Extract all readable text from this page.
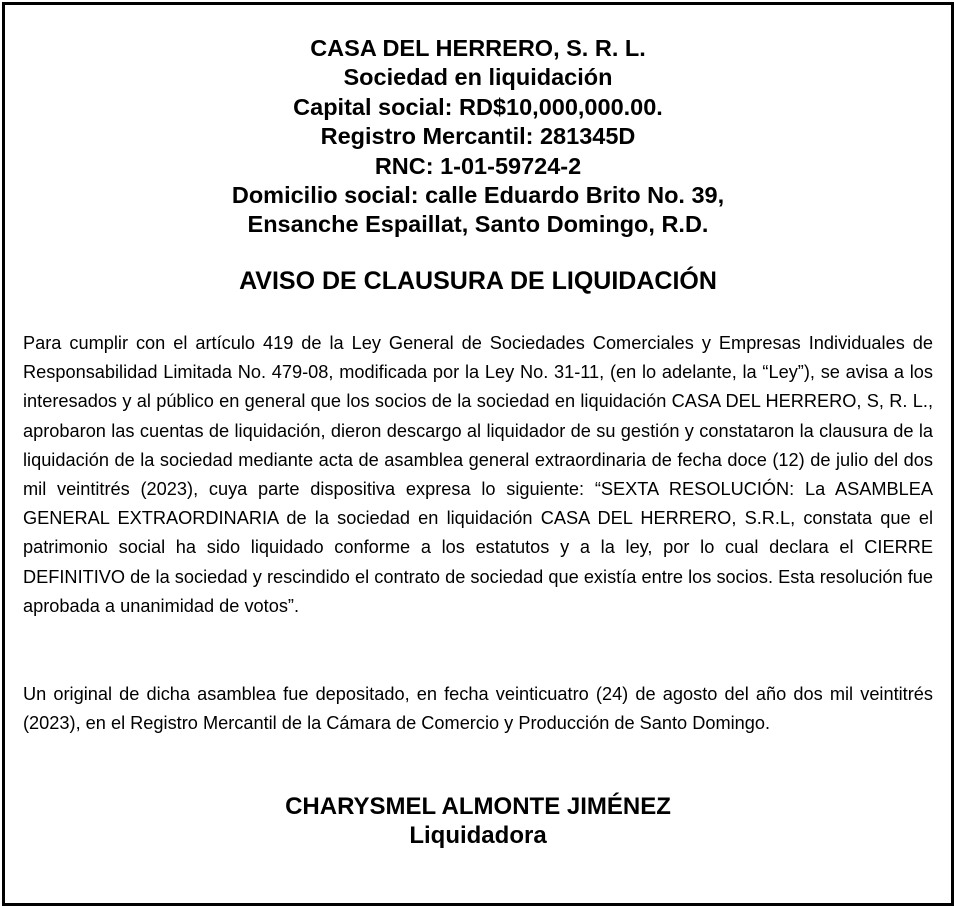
CASA DEL HERRERO, S. R. L.
Sociedad en liquidación
Capital social: RD$10,000,000.00.
Registro Mercantil: 281345D
RNC: 1-01-59724-2
Domicilio social: calle Eduardo Brito No. 39,
Ensanche Espaillat, Santo Domingo, R.D.
AVISO DE CLAUSURA DE LIQUIDACIÓN

Para cumplir con el artículo 419 de la Ley General de Sociedades Comerciales y Empresas Individuales de Responsabilidad Limitada No. 479-08, modificada por la Ley No. 31-11, (en lo adelante, la “Ley”), se avisa a los interesados y al público en general que los socios de la sociedad en liquidación CASA DEL HERRERO, S, R. L., aprobaron las cuentas de liquidación, dieron descargo al liquidador de su gestión y constataron la clausura de la liquidación de la sociedad mediante acta de asamblea general extraordinaria de fecha doce (12) de julio del dos mil veintitrés (2023), cuya parte dispositiva expresa lo siguiente: “SEXTA RESOLUCIÓN: La ASAMBLEA GENERAL EXTRAORDINARIA de la sociedad en liquidación CASA DEL HERRERO, S.R.L, constata que el patrimonio social ha sido liquidado conforme a los estatutos y a la ley, por lo cual declara el CIERRE DEFINITIVO de la sociedad y rescindido el contrato de sociedad que existía entre los socios. Esta resolución fue aprobada a unanimidad de votos”.

Un original de dicha asamblea fue depositado, en fecha veinticuatro (24) de agosto del año dos mil veintitrés (2023), en el Registro Mercantil de la Cámara de Comercio y Producción de Santo Domingo.

CHARYSMEL ALMONTE JIMÉNEZ
Liquidadora
